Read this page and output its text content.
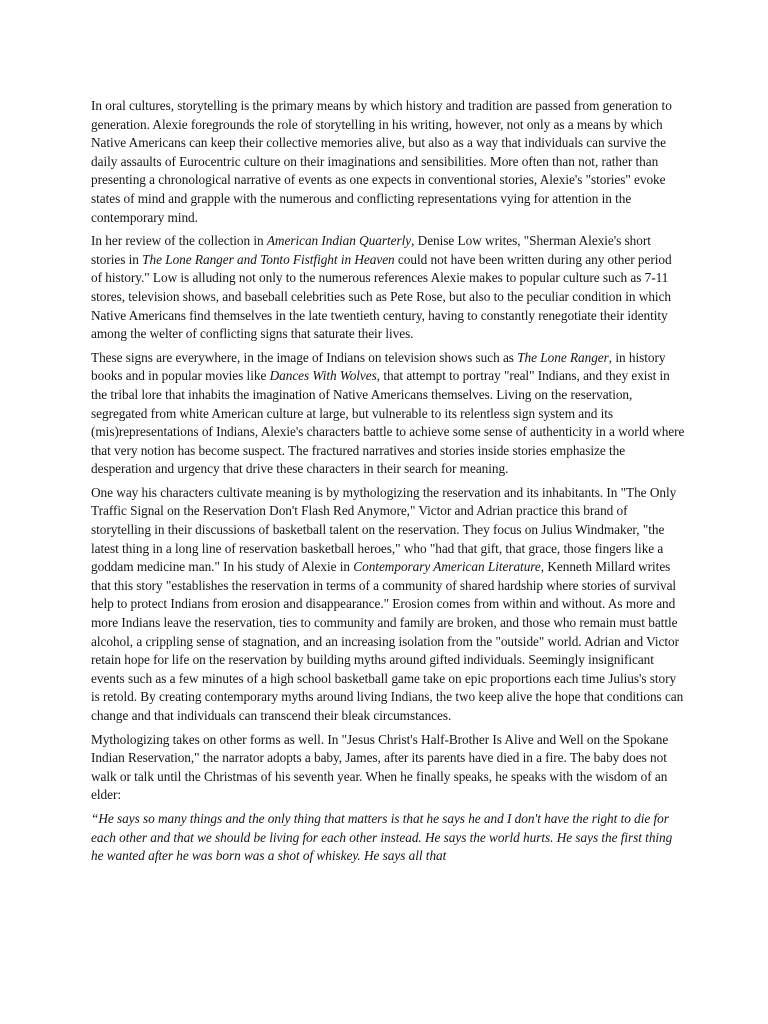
In oral cultures, storytelling is the primary means by which history and tradition are passed from generation to generation. Alexie foregrounds the role of storytelling in his writing, however, not only as a means by which Native Americans can keep their collective memories alive, but also as a way that individuals can survive the daily assaults of Eurocentric culture on their imaginations and sensibilities. More often than not, rather than presenting a chronological narrative of events as one expects in conventional stories, Alexie's "stories" evoke states of mind and grapple with the numerous and conflicting representations vying for attention in the contemporary mind.

In her review of the collection in American Indian Quarterly, Denise Low writes, "Sherman Alexie's short stories in The Lone Ranger and Tonto Fistfight in Heaven could not have been written during any other period of history." Low is alluding not only to the numerous references Alexie makes to popular culture such as 7-11 stores, television shows, and baseball celebrities such as Pete Rose, but also to the peculiar condition in which Native Americans find themselves in the late twentieth century, having to constantly renegotiate their identity among the welter of conflicting signs that saturate their lives.

These signs are everywhere, in the image of Indians on television shows such as The Lone Ranger, in history books and in popular movies like Dances With Wolves, that attempt to portray "real" Indians, and they exist in the tribal lore that inhabits the imagination of Native Americans themselves. Living on the reservation, segregated from white American culture at large, but vulnerable to its relentless sign system and its (mis)representations of Indians, Alexie's characters battle to achieve some sense of authenticity in a world where that very notion has become suspect. The fractured narratives and stories inside stories emphasize the desperation and urgency that drive these characters in their search for meaning.

One way his characters cultivate meaning is by mythologizing the reservation and its inhabitants. In "The Only Traffic Signal on the Reservation Don't Flash Red Anymore," Victor and Adrian practice this brand of storytelling in their discussions of basketball talent on the reservation. They focus on Julius Windmaker, "the latest thing in a long line of reservation basketball heroes," who "had that gift, that grace, those fingers like a goddam medicine man." In his study of Alexie in Contemporary American Literature, Kenneth Millard writes that this story "establishes the reservation in terms of a community of shared hardship where stories of survival help to protect Indians from erosion and disappearance." Erosion comes from within and without. As more and more Indians leave the reservation, ties to community and family are broken, and those who remain must battle alcohol, a crippling sense of stagnation, and an increasing isolation from the "outside" world. Adrian and Victor retain hope for life on the reservation by building myths around gifted individuals. Seemingly insignificant events such as a few minutes of a high school basketball game take on epic proportions each time Julius's story is retold. By creating contemporary myths around living Indians, the two keep alive the hope that conditions can change and that individuals can transcend their bleak circumstances.

Mythologizing takes on other forms as well. In "Jesus Christ's Half-Brother Is Alive and Well on the Spokane Indian Reservation," the narrator adopts a baby, James, after its parents have died in a fire. The baby does not walk or talk until the Christmas of his seventh year. When he finally speaks, he speaks with the wisdom of an elder:

“He says so many things and the only thing that matters is that he says he and I don't have the right to die for each other and that we should be living for each other instead. He says the world hurts. He says the first thing he wanted after he was born was a shot of whiskey. He says all that
